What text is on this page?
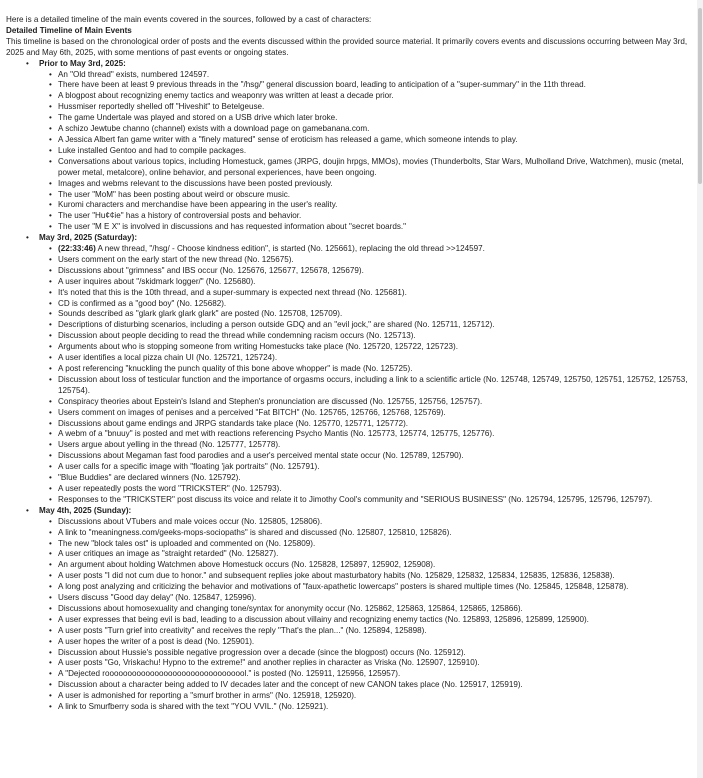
Here is a detailed timeline of the main events covered in the sources, followed by a cast of characters:

Detailed Timeline of Main Events

This timeline is based on the chronological order of posts and the events discussed within the provided source material. It primarily covers events and discussions occurring between May 3rd, 2025 and May 6th, 2025, with some mentions of past events or ongoing states.

• Prior to May 3rd, 2025:
• An "Old thread" exists, numbered 124597.
• There have been at least 9 previous threads in the "/hsg/" general discussion board, leading to anticipation of a "super-summary" in the 11th thread.
• A blogpost about recognizing enemy tactics and weaponry was written at least a decade prior.
• Hussmiser reportedly shelled off "Hiveshit" to Betelgeuse.
• The game Undertale was played and stored on a USB drive which later broke.
• A schizo Jewtube channo (channel) exists with a download page on gamebanana.com.
• A Jessica Albert fan game writer with a "finely matured" sense of eroticism has released a game, which someone intends to play.
• Luke installed Gentoo and had to compile packages.
• Conversations about various topics, including Homestuck, games (JRPG, doujin hrpgs, MMOs), movies (Thunderbolts, Star Wars, Mulholland Drive, Watchmen), music (metal, power metal, metalcore), online behavior, and personal experiences, have been ongoing.
• Images and webms relevant to the discussions have been posted previously.
• The user "MoM" has been posting about weird or obscure music.
• Kuromi characters and merchandise have been appearing in the user's reality.
• The user "Hu¢¢ie" has a history of controversial posts and behavior.
• The user "M E X" is involved in discussions and has requested information about "secret boards."
• May 3rd, 2025 (Saturday):
• (22:33:46) A new thread, "/hsg/ - Choose kindness edition", is started (No. 125661), replacing the old thread >>124597.
• Users comment on the early start of the new thread (No. 125675).
• Discussions about "grimness" and IBS occur (No. 125676, 125677, 125678, 125679).
• A user inquires about "/skidmark logger/" (No. 125680).
• It's noted that this is the 10th thread, and a super-summary is expected next thread (No. 125681).
• CD is confirmed as a "good boy" (No. 125682).
• Sounds described as "glark glark glark glark" are posted (No. 125708, 125709).
• Descriptions of disturbing scenarios, including a person outside GDQ and an "evil jock," are shared (No. 125711, 125712).
• Discussion about people deciding to read the thread while condemning racism occurs (No. 125713).
• Arguments about who is stopping someone from writing Homestucks take place (No. 125720, 125722, 125723).
• A user identifies a local pizza chain UI (No. 125721, 125724).
• A post referencing "knuckling the punch quality of this bone above whopper" is made (No. 125725).
• Discussion about loss of testicular function and the importance of orgasms occurs, including a link to a scientific article (No. 125748, 125749, 125750, 125751, 125752, 125753, 125754).
• Conspiracy theories about Epstein's Island and Stephen's pronunciation are discussed (No. 125755, 125756, 125757).
• Users comment on images of penises and a perceived "Fat BITCH" (No. 125765, 125766, 125768, 125769).
• Discussions about game endings and JRPG standards take place (No. 125770, 125771, 125772).
• A webm of a "bnuuy" is posted and met with reactions referencing Psycho Mantis (No. 125773, 125774, 125775, 125776).
• Users argue about yelling in the thread (No. 125777, 125778).
• Discussions about Megaman fast food parodies and a user's perceived mental state occur (No. 125789, 125790).
• A user calls for a specific image with "floating 'jak portraits" (No. 125791).
• "Blue Buddies" are declared winners (No. 125792).
• A user repeatedly posts the word "TRICKSTER" (No. 125793).
• Responses to the "TRICKSTER" post discuss its voice and relate it to Jimothy Cool's community and "SERIOUS BUSINESS" (No. 125794, 125795, 125796, 125797).
• May 4th, 2025 (Sunday):
• Discussions about VTubers and male voices occur (No. 125805, 125806).
• A link to "meaningness.com/geeks-mops-sociopaths" is shared and discussed (No. 125807, 125810, 125826).
• The new "block tales ost" is uploaded and commented on (No. 125809).
• A user critiques an image as "straight retarded" (No. 125827).
• An argument about holding Watchmen above Homestuck occurs (No. 125828, 125897, 125902, 125908).
• A user posts "I did not cum due to honor." and subsequent replies joke about masturbatory habits (No. 125829, 125832, 125834, 125835, 125836, 125838).
• A long post analyzing and criticizing the behavior and motivations of "faux-apathetic lowercaps" posters is shared multiple times (No. 125845, 125848, 125878).
• Users discuss "Good day delay" (No. 125847, 125996).
• Discussions about homosexuality and changing tone/syntax for anonymity occur (No. 125862, 125863, 125864, 125865, 125866).
• A user expresses that being evil is bad, leading to a discussion about villainy and recognizing enemy tactics (No. 125893, 125896, 125899, 125900).
• A user posts "Turn grief into creativity" and receives the reply "That's the plan..." (No. 125894, 125898).
• A user hopes the writer of a post is dead (No. 125901).
• Discussion about Hussie's possible negative progression over a decade (since the blogpost) occurs (No. 125912).
• A user posts "Go, Vriskachu! Hypno to the extreme!" and another replies in character as Vriska (No. 125907, 125910).
• A "Dejected roooooooooooooooooooooooooooooool." is posted (No. 125911, 125956, 125957).
• Discussion about a character being added to IV decades later and the concept of new CANON takes place (No. 125917, 125919).
• A user is admonished for reporting a "smurf brother in arms" (No. 125918, 125920).
• A link to Smurfberry soda is shared with the text "YOU VVIL." (No. 125921).
